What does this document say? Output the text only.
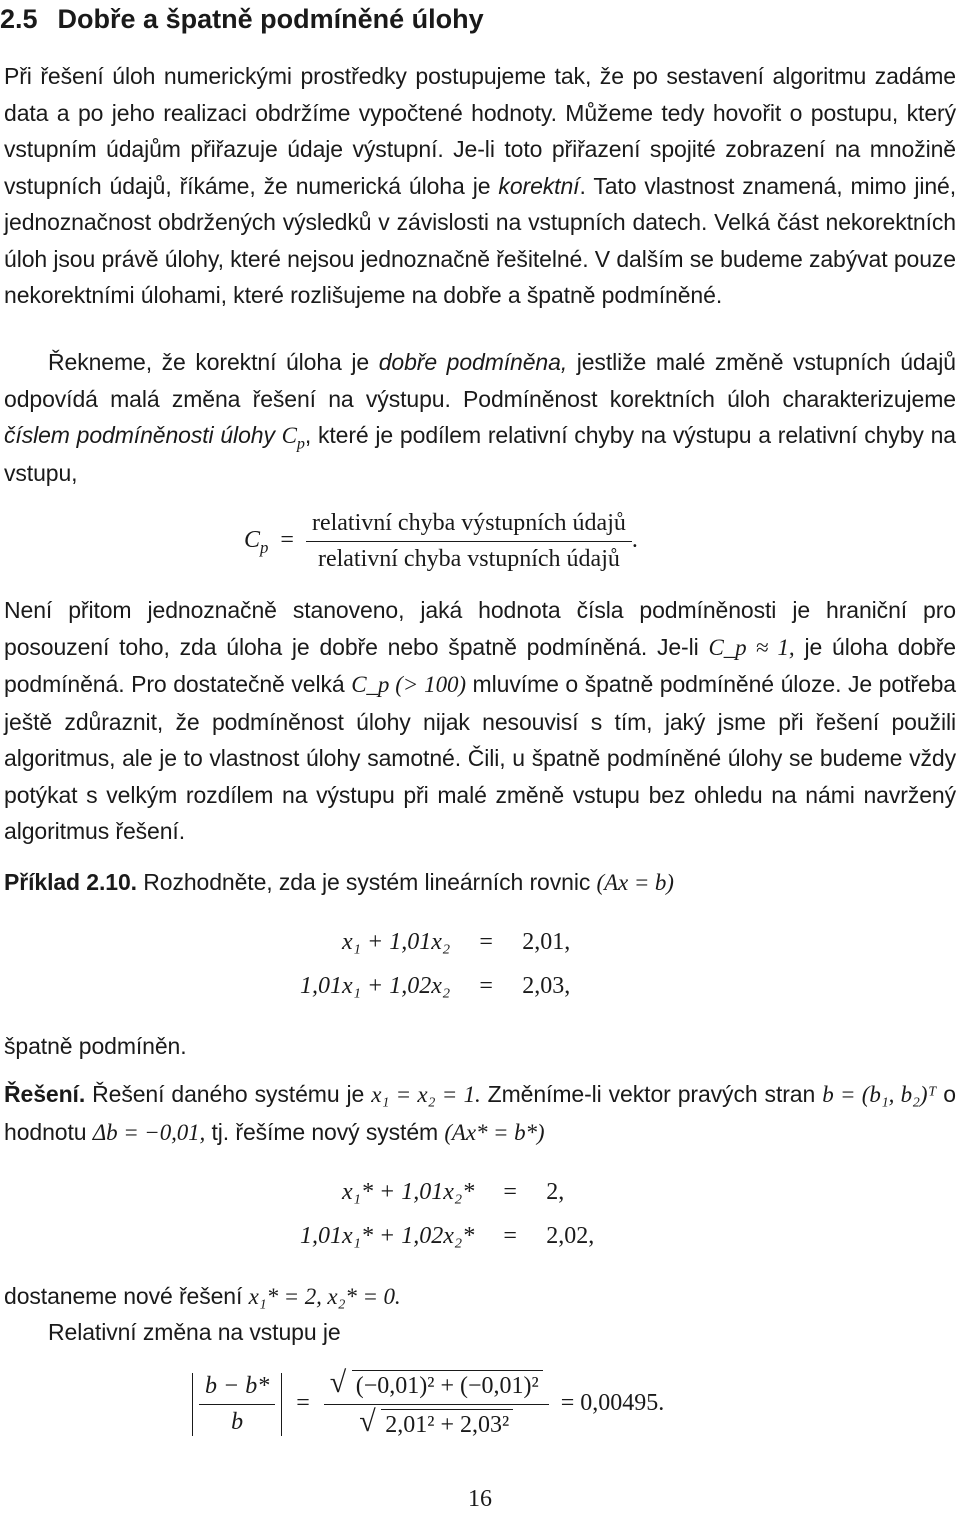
2.5 Dobře a špatně podmíněné úlohy

Při řešení úloh numerickými prostředky postupujeme tak, že po sestavení algoritmu zadáme data a po jeho realizaci obdržíme vypočtené hodnoty. Můžeme tedy hovořit o postupu, který vstupním údajům přiřazuje údaje výstupní. Je-li toto přiřazení spojité zobrazení na množině vstupních údajů, říkáme, že numerická úloha je korektní. Tato vlastnost znamená, mimo jiné, jednoznačnost obdržených výsledků v závislosti na vstupních datech. Velká část nekorektních úloh jsou právě úlohy, které nejsou jednoznačně řešitelné. V dalším se budeme zabývat pouze nekorektními úlohami, které rozlišujeme na dobře a špatně podmíněné.

Řekneme, že korektní úloha je dobře podmíněna, jestliže malé změně vstupních údajů odpovídá malá změna řešení na výstupu. Podmíněnost korektních úloh charakterizujeme číslem podmíněnosti úlohy $C_p$, které je podílem relativní chyby na výstupu a relativní chyby na vstupu,

$C_p = \frac{\text{relativní chyba výstupních údajů}}{\text{relativní chyba vstupních údajů}}$ .

Není přitom jednoznačně stanoveno, jaká hodnota čísla podmíněnosti je hraniční pro posouzení toho, zda úloha je dobře nebo špatně podmíněná. Je-li C_p ≈ 1, je úloha dobře podmíněná. Pro dostatečně velká C_p (> 100) mluvíme o špatně podmíněné úloze. Je potřeba ještě zdůraznit, že podmíněnost úlohy nijak nesouvisí s tím, jaký jsme při řešení použili algoritmus, ale je to vlastnost úlohy samotné. Čili, u špatně podmíněné úlohy se budeme vždy potýkat s velkým rozdílem na výstupu při malé změně vstupu bez ohledu na námi navržený algoritmus řešení.

Příklad 2.10. Rozhodněte, zda je systém lineárních rovnic (Ax = b)

x₁ + 1,01x₂	=	2,01,
1,01x₁ + 1,02x₂	=	2,03,

špatně podmíněn.

Řešení. Řešení daného systému je x₁ = x₂ = 1. Změníme-li vektor pravých stran b = (b₁, b₂)ᵀ o hodnotu Δb = −0,01, tj. řešíme nový systém (Ax* = b*)

x₁* + 1,01x₂*	=	2,
1,01x₁* + 1,02x₂*	=	2,02,

dostaneme nové řešení x₁* = 2, x₂* = 0.

Relativní změna na vstupu je

$\frac{b - b*}{b} = \frac{\text{√ (−0,01)² + (−0,01)²}}{\text{√ 2,01² + 2,03²}} = 0,00495$.
16
